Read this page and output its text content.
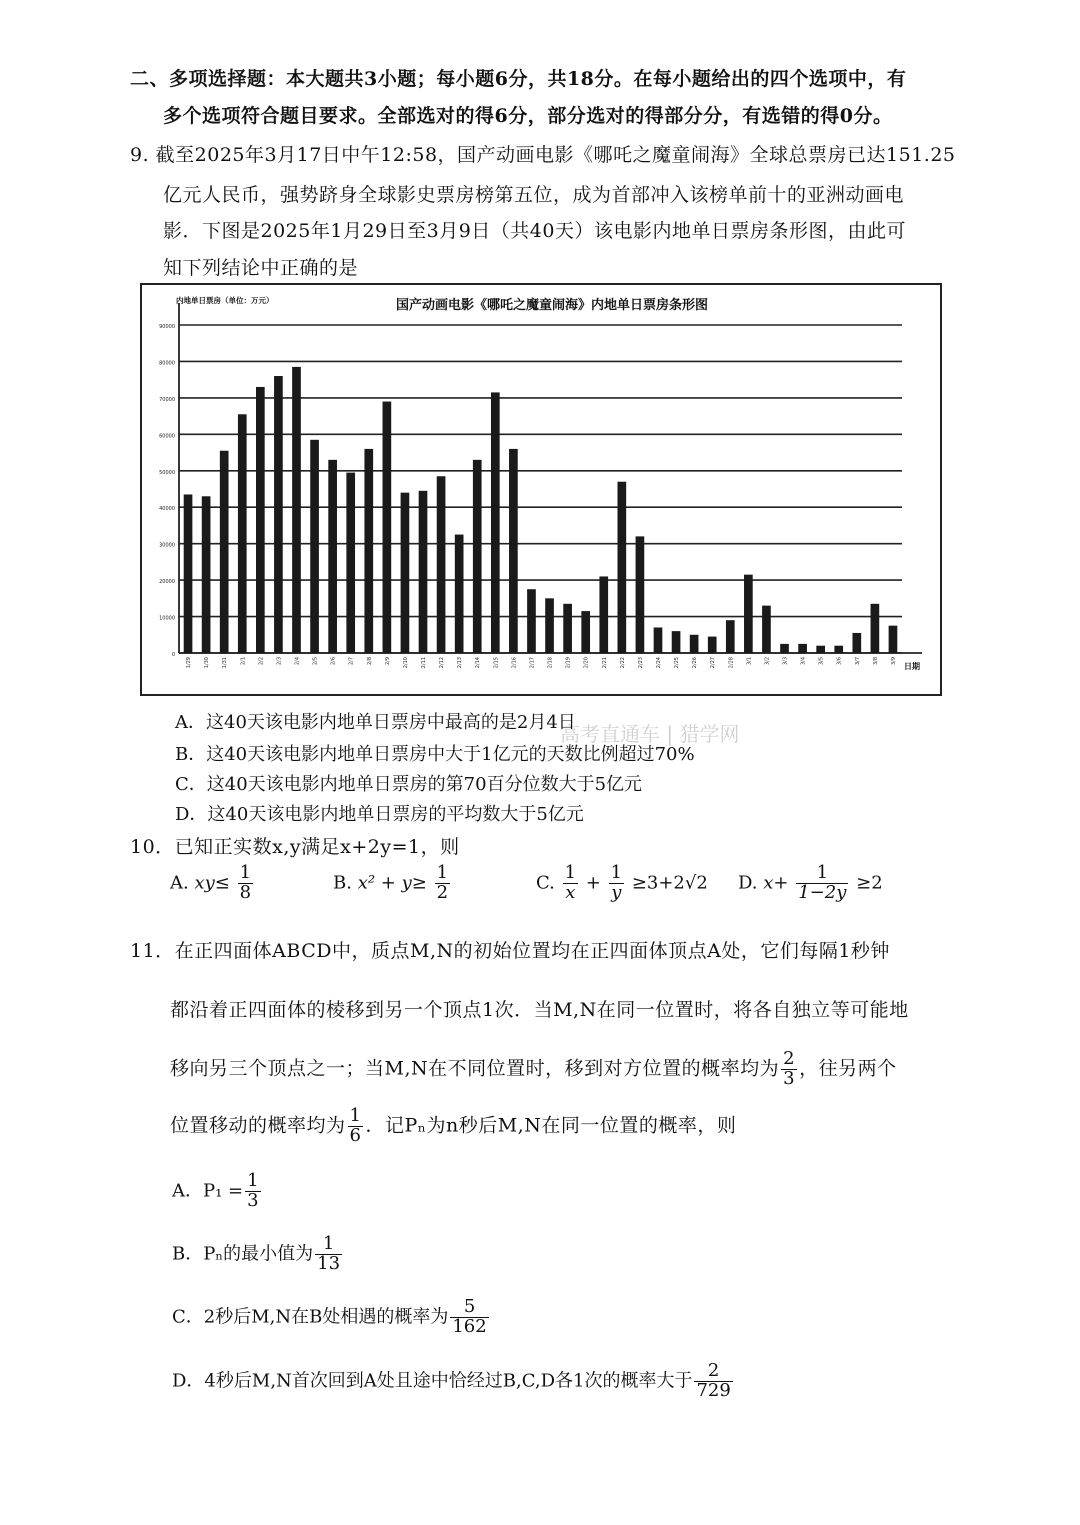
二、多项选择题：本大题共3小题；每小题6分，共18分。在每小题给出的四个选项中，有
多个选项符合题目要求。全部选对的得6分，部分选对的得部分分，有选错的得0分。
9. 截至2025年3月17日中午12:58，国产动画电影《哪吒之魔童闹海》全球总票房已达151.25
亿元人民币，强势跻身全球影史票房榜第五位，成为首部冲入该榜单前十的亚洲动画电
影．下图是2025年1月29日至3月9日（共40天）该电影内地单日票房条形图，由此可
知下列结论中正确的是
0
10000
20000
30000
40000
50000
60000
70000
80000
90000
国产动画电影《哪吒之魔童闹海》内地单日票房条形图
内地单日票房（单位：万元）
日期
1/29 1/30 1/31 2/1 2/2 2/3 2/4 2/5 2/6 2/7 2/8 2/9 2/10 2/11 2/12 2/13 2/14 2/15 2/16 2/17 2/18 2/19 2/20 2/21 2/22 2/23 2/24 2/25 2/26 2/27 2/28 3/1 3/2 3/3 3/4 3/5 3/6 3/7 3/8 3/9
高考直通车 | 猎学网
A．这40天该电影内地单日票房中最高的是2月4日
B．这40天该电影内地单日票房中大于1亿元的天数比例超过70%
C．这40天该电影内地单日票房的第70百分位数大于5亿元
D．这40天该电影内地单日票房的平均数大于5亿元
10．已知正实数x,y满足x+2y=1，则
A. $xy\le \frac{1}{8}$	B. $x^2 + y\ge \frac{1}{2}$	C. $\frac{1}{x} + \frac{1}{y} \ge 3+2√2$ D. $x+ \frac{1}{1-2y} \ge 2$
11．在正四面体ABCD中，质点M,N的初始位置均在正四面体顶点A处，它们每隔1秒钟
都沿着正四面体的棱移到另一个顶点1次．当M,N在同一位置时，将各自独立等可能地
移向另三个顶点之一；当M,N在不同位置时，移到对方位置的概率均为 $\frac{2}{3}$ ，往另两个
位置移动的概率均为 $\frac{1}{6}$ ．记Pₙ为n秒后M,N在同一位置的概率，则
A．$P_1 = \frac{1}{3}$
B．Pₙ的最小值为 $\frac{1}{13}$
C．2秒后M,N在B处相遇的概率为 $\frac{5}{162}$
D．4秒后M,N首次回到A处且途中恰经过B,C,D各1次的概率大于 $\frac{2}{729}$
